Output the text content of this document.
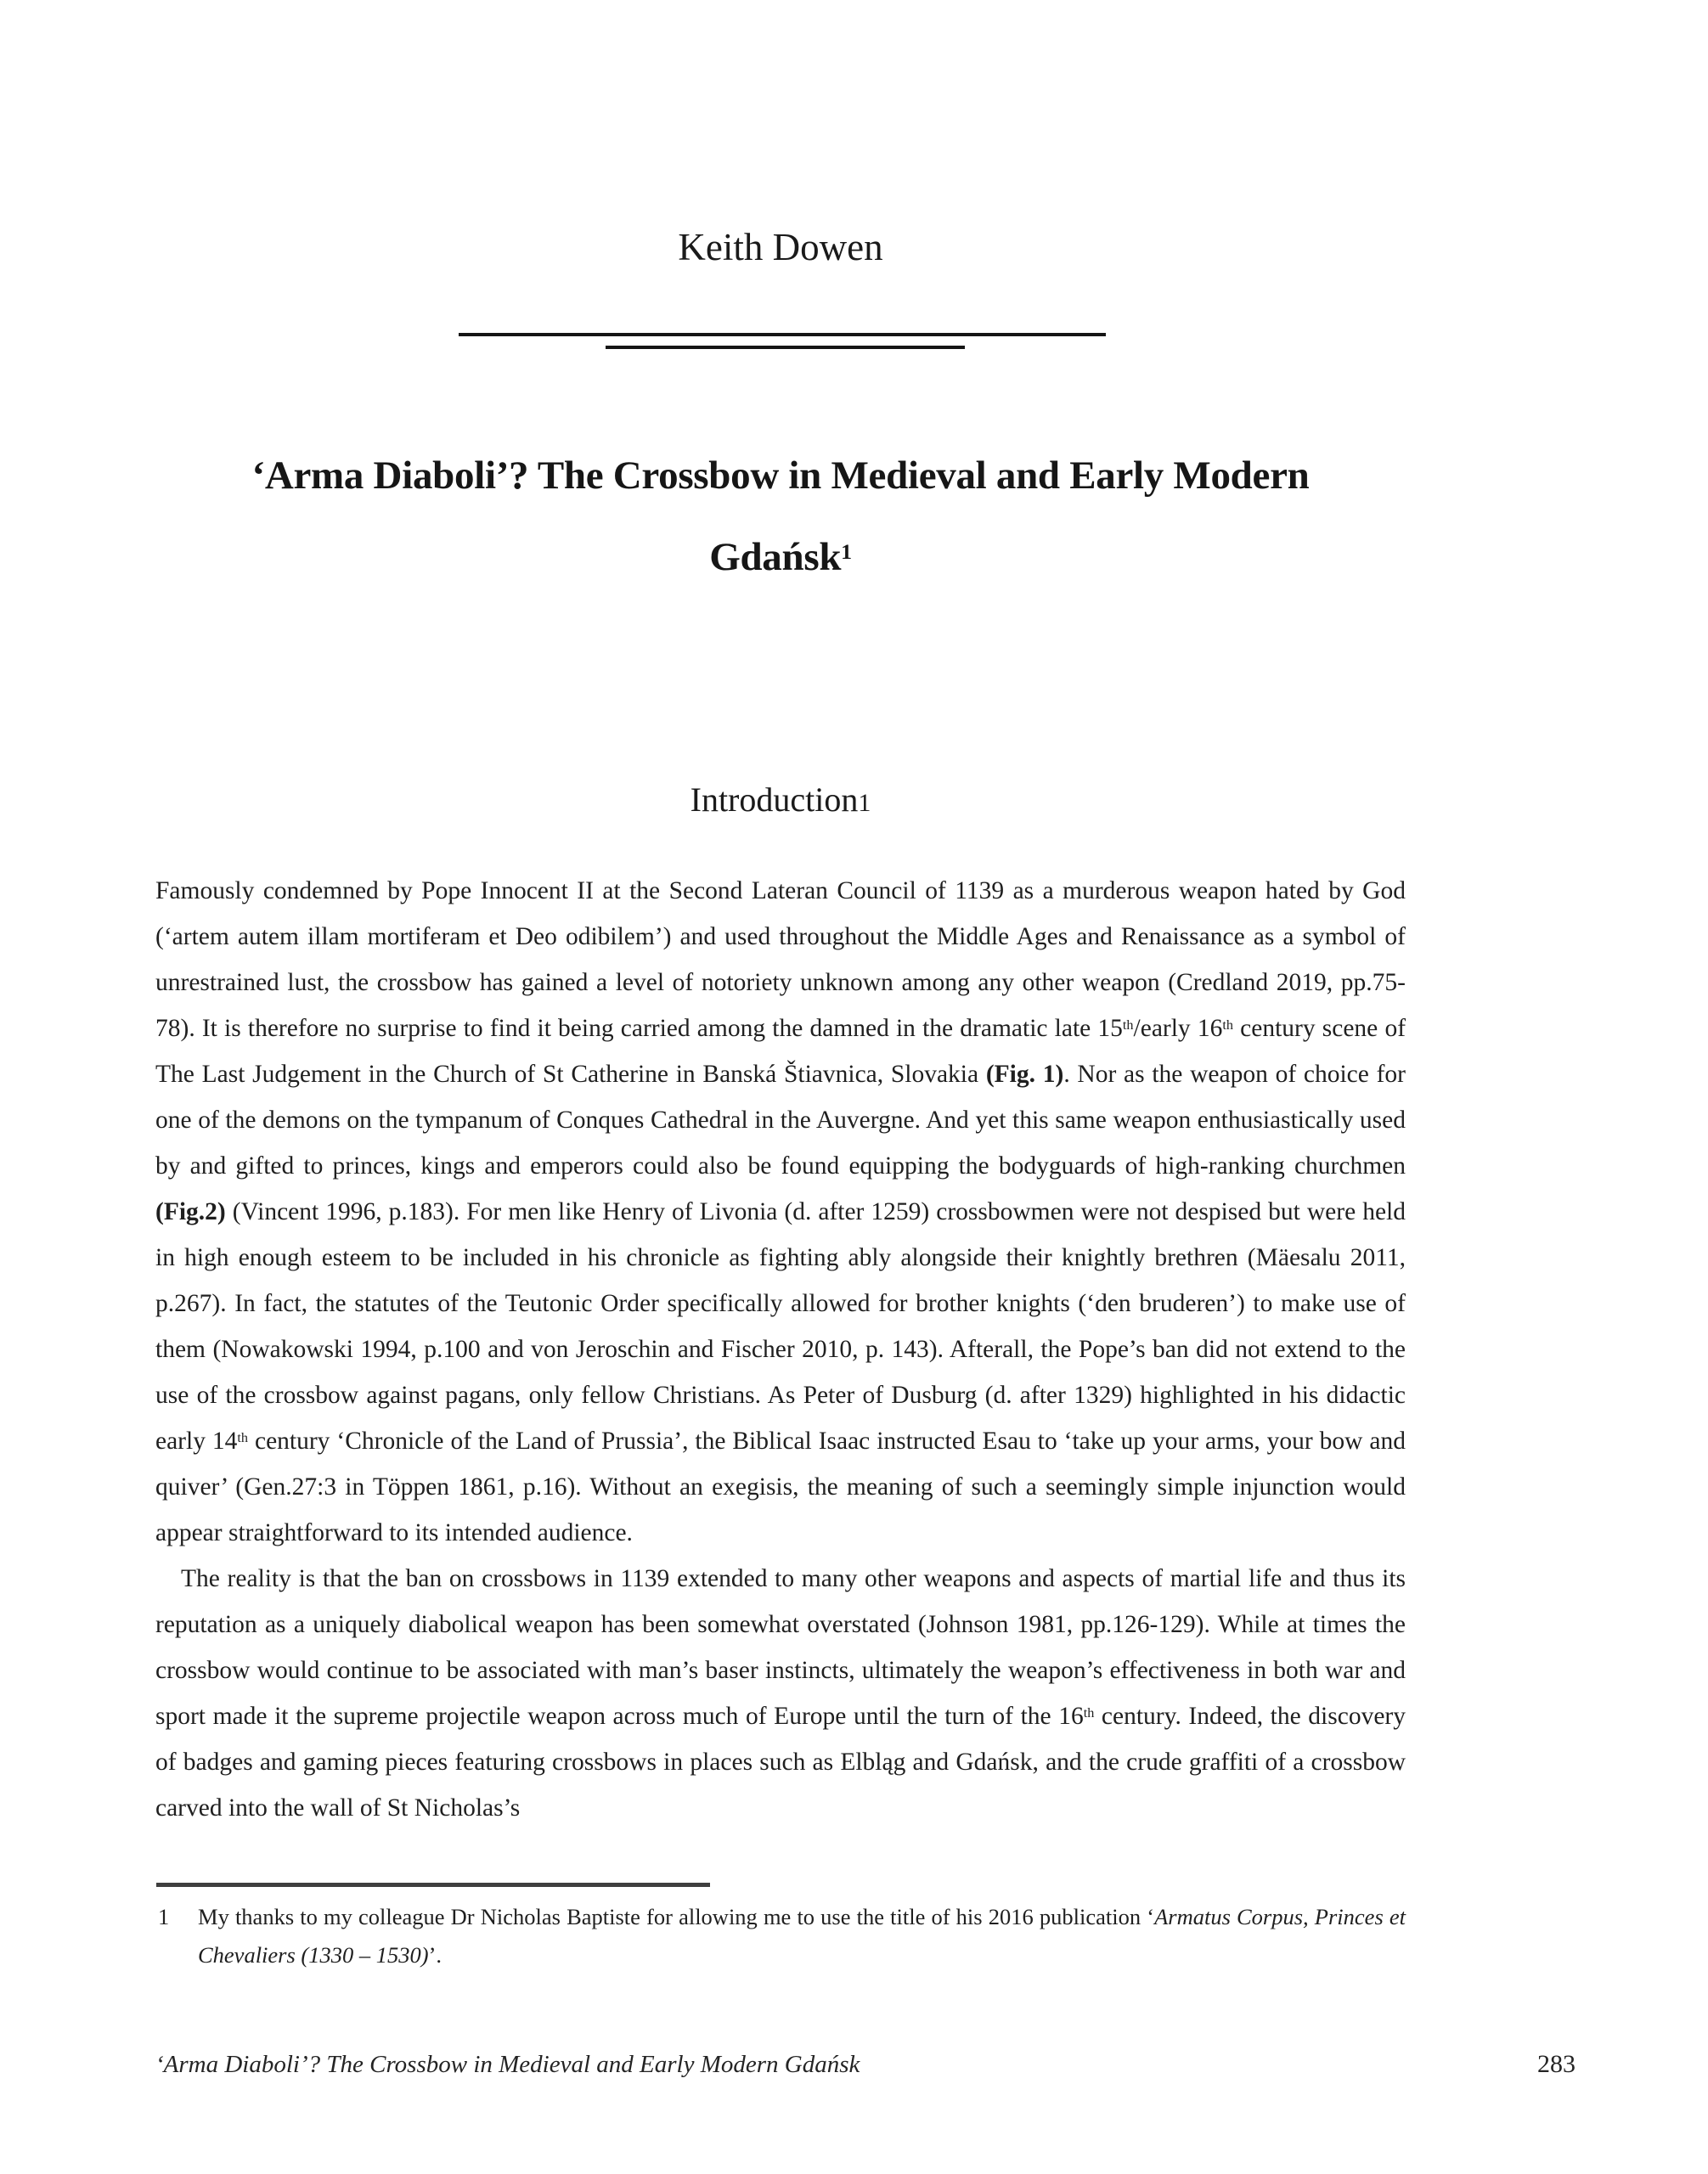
Keith Dowen
‘Arma Diaboli’? The Crossbow in Medieval and Early Modern
Gdańsk$^1$
Introduction1

Famously condemned by Pope Innocent II at the Second Lateran Council of 1139 as a murderous weapon hated by God (‘artem autem illam mortiferam et Deo odibilem’) and used throughout the Middle Ages and Renaissance as a symbol of unrestrained lust, the crossbow has gained a level of notoriety unknown among any other weapon (Credland 2019, pp.75-78). It is therefore no surprise to find it being carried among the damned in the dramatic late 15th/early 16th century scene of The Last Judgement in the Church of St Catherine in Banská Štiavnica, Slovakia (Fig. 1). Nor as the weapon of choice for one of the demons on the tympanum of Conques Cathedral in the Auvergne. And yet this same weapon enthusiastically used by and gifted to princes, kings and emperors could also be found equipping the bodyguards of high-ranking churchmen (Fig.2) (Vincent 1996, p.183). For men like Henry of Livonia (d. after 1259) crossbowmen were not despised but were held in high enough esteem to be included in his chronicle as fighting ably alongside their knightly brethren (Mäesalu 2011, p.267). In fact, the statutes of the Teutonic Order specifically allowed for brother knights (‘den bruderen’) to make use of them (Nowakowski 1994, p.100 and von Jeroschin and Fischer 2010, p. 143). Afterall, the Pope’s ban did not extend to the use of the crossbow against pagans, only fellow Christians. As Peter of Dusburg (d. after 1329) highlighted in his didactic early 14th century ‘Chronicle of the Land of Prussia’, the Biblical Isaac instructed Esau to ‘take up your arms, your bow and quiver’ (Gen.27:3 in Töppen 1861, p.16). Without an exegisis, the meaning of such a seemingly simple injunction would appear straightforward to its intended audience.

The reality is that the ban on crossbows in 1139 extended to many other weapons and aspects of martial life and thus its reputation as a uniquely diabolical weapon has been somewhat overstated (Johnson 1981, pp.126-129). While at times the crossbow would continue to be associated with man’s baser instincts, ultimately the weapon’s effectiveness in both war and sport made it the supreme projectile weapon across much of Europe until the turn of the 16th century. Indeed, the discovery of badges and gaming pieces featuring crossbows in places such as Elbląg and Gdańsk, and the crude graffiti of a crossbow carved into the wall of St Nicholas’s

1 My thanks to my colleague Dr Nicholas Baptiste for allowing me to use the title of his 2016 publication ‘Armatus Corpus, Princes et Chevaliers (1330 – 1530)’.
‘Arma Diaboli’? The Crossbow in Medieval and Early Modern Gdańsk	283
